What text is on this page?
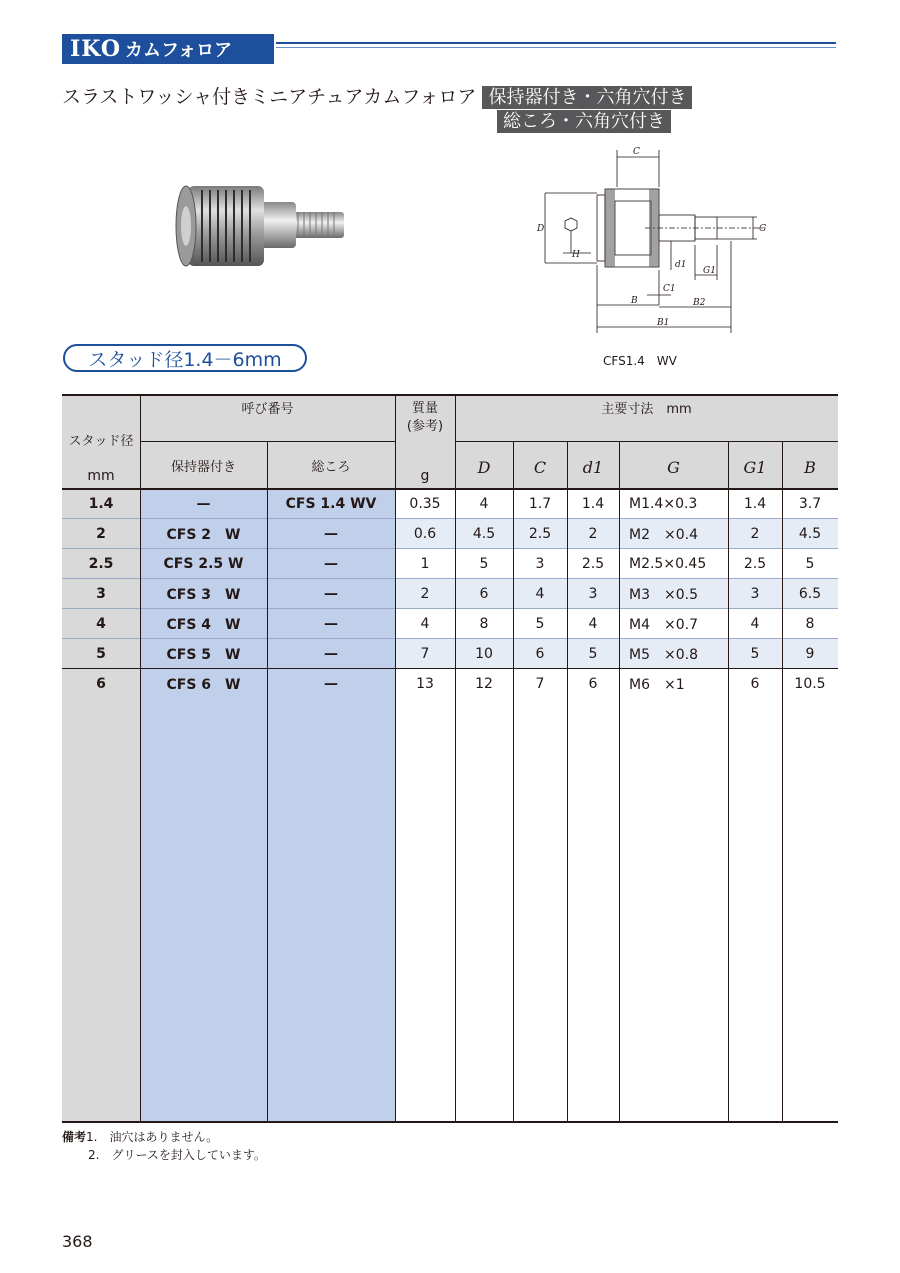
IKO カムフォロア
スラストワッシャ付きミニアチュアカムフォロア 保持器付き・六角穴付き
総ころ・六角穴付き
C
D
H
G
d1
G1
C1
B	B2
B1
CFS1.4　WV
スタッド径1.4－6mm
スタッド径
mm
呼び番号
保持器付き	総ころ
質量
(参考)
g
主要寸法　mm
D	C	d1	G	G1	B
1.4	—	CFS 1.4 WV	0.35	4	1.7	1.4	M1.4×0.3	1.4	3.7
2	CFS 2　W	—	0.6	4.5	2.5	2	M2　×0.4	2	4.5
2.5	CFS 2.5 W	—	1	5	3	2.5	M2.5×0.45	2.5	5
3	CFS 3　W	—	2	6	4	3	M3　×0.5	3	6.5
4	CFS 4　W	—	4	8	5	4	M4　×0.7	4	8
5	CFS 5　W	—	7	10	6	5	M5　×0.8	5	9
6	CFS 6　W	—	13	12	7	6	M6　×1	6	10.5
備考1.　油穴はありません。
2.　グリースを封入しています。
368
